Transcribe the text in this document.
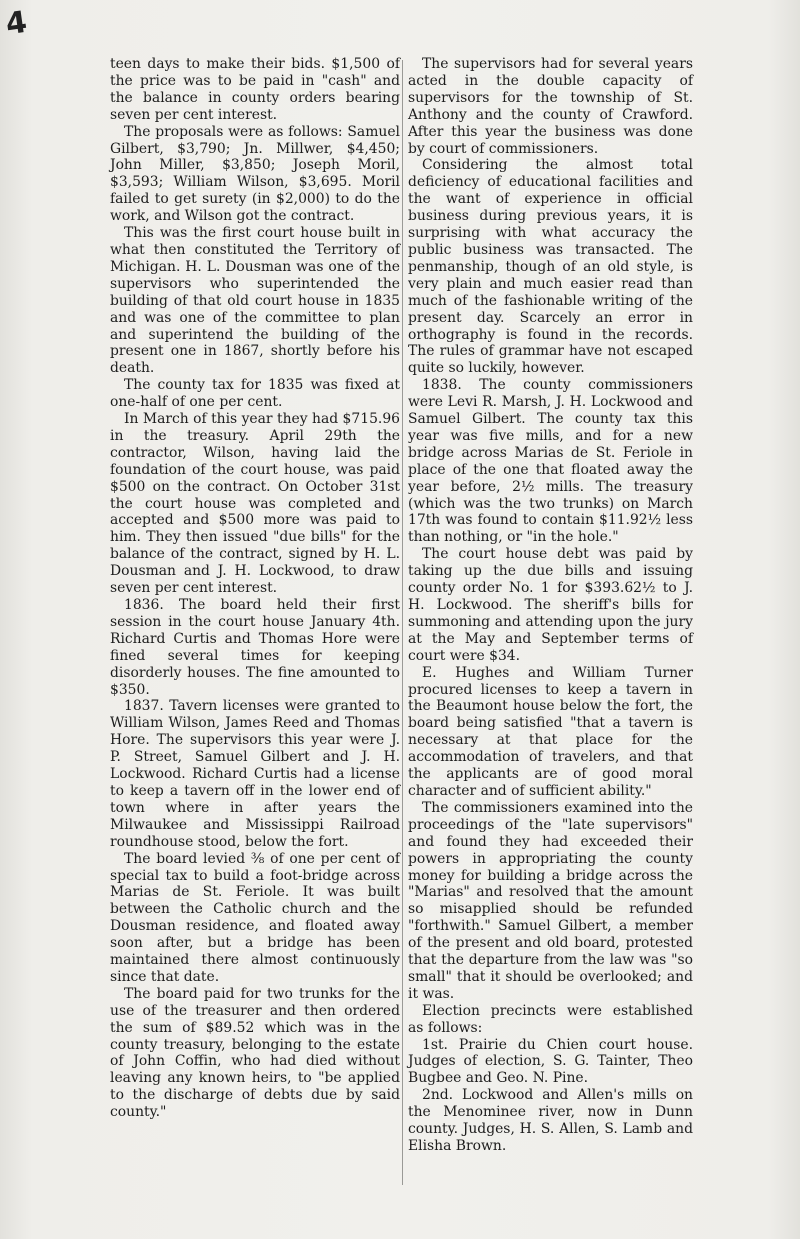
4

teen days to make their bids. $1,500 of the price was to be paid in "cash" and the balance in county orders bearing seven per cent interest.

The proposals were as follows: Samuel Gilbert, $3,790; Jn. Millwer, $4,450; John Miller, $3,850; Joseph Moril, $3,593; William Wilson, $3,695. Moril failed to get surety (in $2,000) to do the work, and Wilson got the contract.

This was the first court house built in what then constituted the Territory of Michigan. H. L. Dousman was one of the supervisors who superintended the building of that old court house in 1835 and was one of the committee to plan and superintend the building of the present one in 1867, shortly before his death.

The county tax for 1835 was fixed at one-half of one per cent.

In March of this year they had $715.96 in the treasury. April 29th the contractor, Wilson, having laid the foundation of the court house, was paid $500 on the contract. On October 31st the court house was completed and accepted and $500 more was paid to him. They then issued "due bills" for the balance of the contract, signed by H. L. Dousman and J. H. Lockwood, to draw seven per cent interest.

1836. The board held their first session in the court house January 4th. Richard Curtis and Thomas Hore were fined several times for keeping disorderly houses. The fine amounted to $350.

1837. Tavern licenses were granted to William Wilson, James Reed and Thomas Hore. The supervisors this year were J. P. Street, Samuel Gilbert and J. H. Lockwood. Richard Curtis had a license to keep a tavern off in the lower end of town where in after years the Milwaukee and Mississippi Railroad roundhouse stood, below the fort.

The board levied ⅜ of one per cent of special tax to build a foot-bridge across Marias de St. Feriole. It was built between the Catholic church and the Dousman residence, and floated away soon after, but a bridge has been maintained there almost continuously since that date.

The board paid for two trunks for the use of the treasurer and then ordered the sum of $89.52 which was in the county treasury, belonging to the estate of John Coffin, who had died without leaving any known heirs, to "be applied to the discharge of debts due by said county."

The supervisors had for several years acted in the double capacity of supervisors for the township of St. Anthony and the county of Crawford. After this year the business was done by court of commissioners.

Considering the almost total deficiency of educational facilities and the want of experience in official business during previous years, it is surprising with what accuracy the public business was transacted. The penmanship, though of an old style, is very plain and much easier read than much of the fashionable writing of the present day. Scarcely an error in orthography is found in the records. The rules of grammar have not escaped quite so luckily, however.

1838. The county commissioners were Levi R. Marsh, J. H. Lockwood and Samuel Gilbert. The county tax this year was five mills, and for a new bridge across Marias de St. Feriole in place of the one that floated away the year before, 2½ mills. The treasury (which was the two trunks) on March 17th was found to contain $11.92½ less than nothing, or "in the hole."

The court house debt was paid by taking up the due bills and issuing county order No. 1 for $393.62½ to J. H. Lockwood. The sheriff's bills for summoning and attending upon the jury at the May and September terms of court were $34.

E. Hughes and William Turner procured licenses to keep a tavern in the Beaumont house below the fort, the board being satisfied "that a tavern is necessary at that place for the accommodation of travelers, and that the applicants are of good moral character and of sufficient ability."

The commissioners examined into the proceedings of the "late supervisors" and found they had exceeded their powers in appropriating the county money for building a bridge across the "Marias" and resolved that the amount so misapplied should be refunded "forthwith." Samuel Gilbert, a member of the present and old board, protested that the departure from the law was "so small" that it should be overlooked; and it was.

Election precincts were established as follows:

1st. Prairie du Chien court house. Judges of election, S. G. Tainter, Theo Bugbee and Geo. N. Pine.

2nd. Lockwood and Allen's mills on the Menominee river, now in Dunn county. Judges, H. S. Allen, S. Lamb and Elisha Brown.
